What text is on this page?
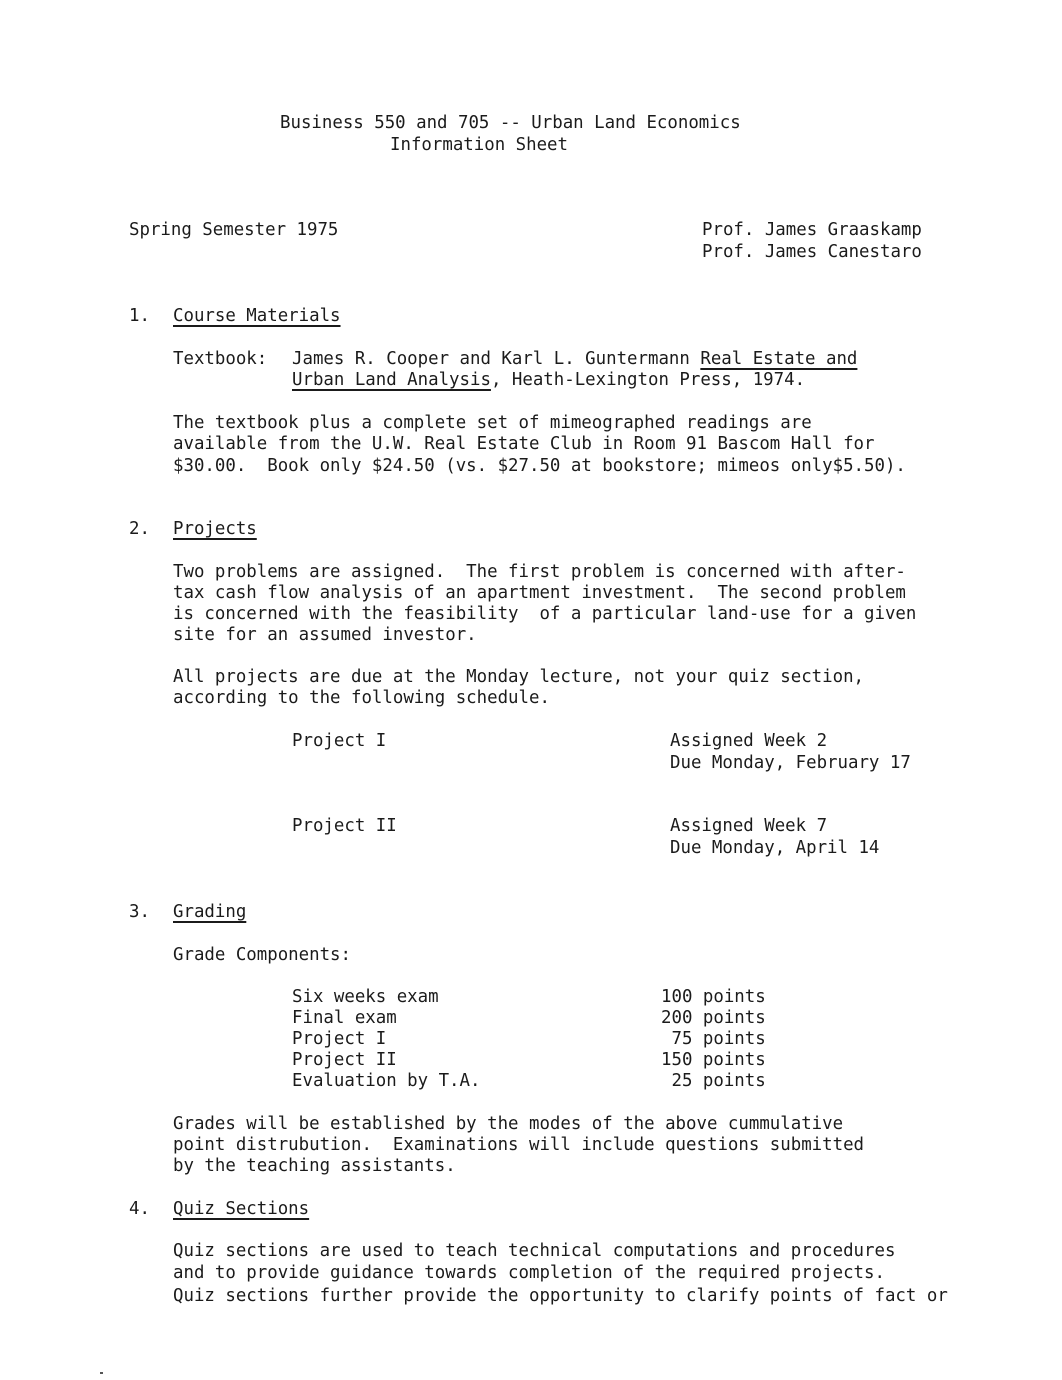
Business 550 and 705 -- Urban Land Economics
Information Sheet
Spring Semester 1975	Prof. James Graaskamp
Prof. James Canestaro
1. Course Materials
Textbook: James R. Cooper and Karl L. Guntermann Real Estate and
Urban Land Analysis, Heath-Lexington Press, 1974.
The textbook plus a complete set of mimeographed readings are
available from the U.W. Real Estate Club in Room 91 Bascom Hall for
$30.00.  Book only $24.50 (vs. $27.50 at bookstore; mimeos only$5.50).
2. Projects
Two problems are assigned.  The first problem is concerned with after-
tax cash flow analysis of an apartment investment.  The second problem
is concerned with the feasibility  of a particular land-use for a given
site for an assumed investor.
All projects are due at the Monday lecture, not your quiz section,
according to the following schedule.
Project I	Assigned Week 2
Due Monday, February 17
Project II	Assigned Week 7
Due Monday, April 14
3. Grading
Grade Components:
Six weeks exam	100 points
Final exam	200 points
Project I	75 points
Project II	150 points
Evaluation by T.A.	25 points
Grades will be established by the modes of the above cummulative
point distrubution.  Examinations will include questions submitted
by the teaching assistants.
4. Quiz Sections
Quiz sections are used to teach technical computations and procedures
and to provide guidance towards completion of the required projects.
Quiz sections further provide the opportunity to clarify points of fact or
